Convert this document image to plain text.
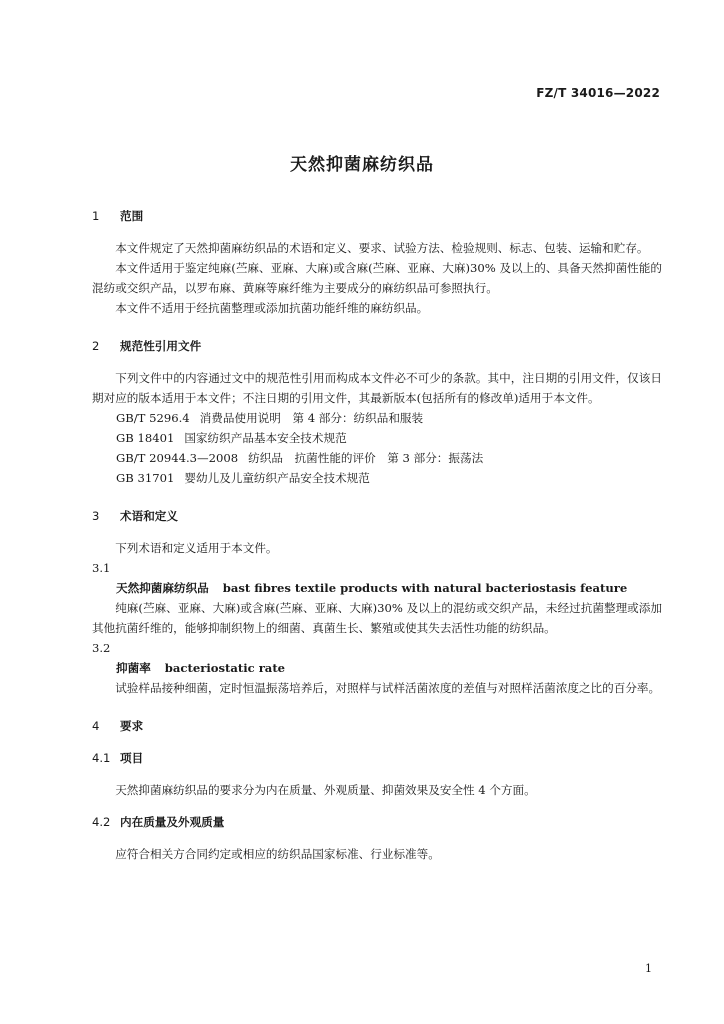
FZ/T 34016—2022
天然抑菌麻纺织品
1 范围

本文件规定了天然抑菌麻纺织品的术语和定义、要求、试验方法、检验规则、标志、包装、运输和贮存。

本文件适用于鉴定纯麻(苎麻、亚麻、大麻)或含麻(苎麻、亚麻、大麻)30% 及以上的、具备天然抑菌性能的混纺或交织产品，以罗布麻、黄麻等麻纤维为主要成分的麻纺织品可参照执行。

本文件不适用于经抗菌整理或添加抗菌功能纤维的麻纺织品。

2 规范性引用文件

下列文件中的内容通过文中的规范性引用而构成本文件必不可少的条款。其中，注日期的引用文件，仅该日期对应的版本适用于本文件；不注日期的引用文件，其最新版本(包括所有的修改单)适用于本文件。

GB/T 5296.4 消费品使用说明　第 4 部分：纺织品和服装

GB 18401 国家纺织产品基本安全技术规范

GB/T 20944.3—2008 纺织品　抗菌性能的评价　第 3 部分：振荡法

GB 31701 婴幼儿及儿童纺织产品安全技术规范

3 术语和定义

下列术语和定义适用于本文件。

3.1

天然抑菌麻纺织品 bast fibres textile products with natural bacteriostasis feature

纯麻(苎麻、亚麻、大麻)或含麻(苎麻、亚麻、大麻)30% 及以上的混纺或交织产品，未经过抗菌整理或添加其他抗菌纤维的，能够抑制织物上的细菌、真菌生长、繁殖或使其失去活性功能的纺织品。

3.2

抑菌率 bacteriostatic rate

试验样品接种细菌，定时恒温振荡培养后，对照样与试样活菌浓度的差值与对照样活菌浓度之比的百分率。

4 要求
4.1 项目

天然抑菌麻纺织品的要求分为内在质量、外观质量、抑菌效果及安全性 4 个方面。

4.2 内在质量及外观质量

应符合相关方合同约定或相应的纺织品国家标准、行业标准等。

1
